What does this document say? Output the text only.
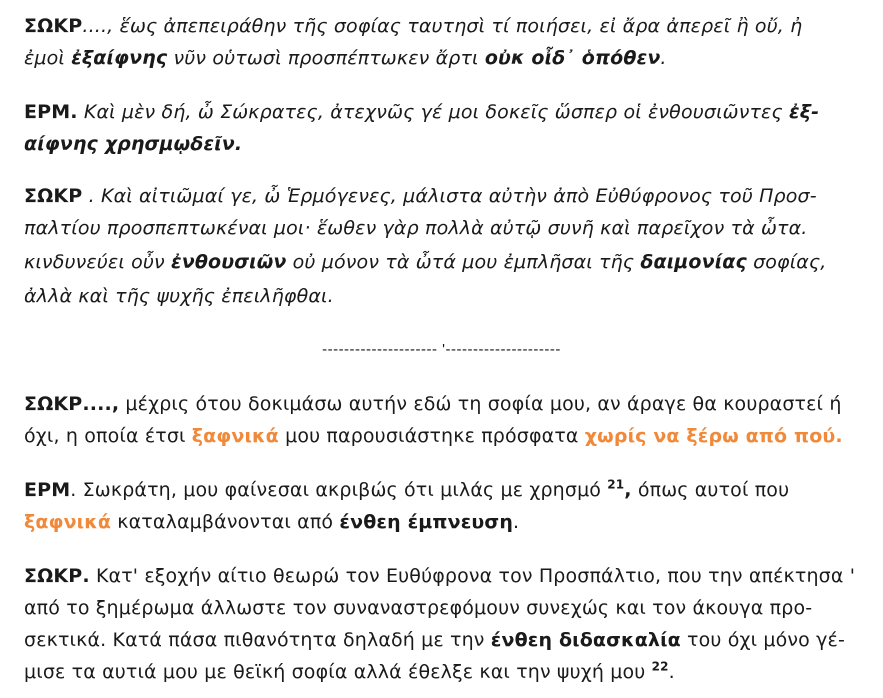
ΣΩΚΡ...., ἕως ἀπεπειράθην τῆς σοφίας ταυτησὶ τί ποιήσει, εἰ ἄρα ἀπερεῖ ἢ οὔ, ἠ
ἐμοὶ ἐξαίφνης νῦν οὑτωσὶ προσπέπτωκεν ἄρτι οὐκ οἶδ᾽ ὁπόθεν.
ΕΡΜ. Καὶ μὲν δή, ὦ Σώκρατες, ἀτεχνῶς γέ μοι δοκεῖς ὥσπερ οἱ ἐνθουσιῶντες ἐξ-
αίφνης χρησμῳδεῖν.
ΣΩΚΡ . Καὶ αἰτιῶμαί γε, ὦ Ἑρμόγενες, μάλιστα αὐτὴν ἀπὸ Εὐθύφρονος τοῦ Προσ-
παλτίου προσπεπτωκέναι μοι· ἕωθεν γὰρ πολλὰ αὐτῷ συνῆ καὶ παρεῖχον τὰ ὦτα.
κινδυνεύει οὖν ἐνθουσιῶν οὐ μόνον τὰ ὦτά μου ἐμπλῆσαι τῆς δαιμονίας σοφίας,
ἀλλὰ καὶ τῆς ψυχῆς ἐπειλῆφθαι.
--------------------- '---------------------
ΣΩΚΡ...., μέχρις ότου δοκιμάσω αυτήν εδώ τη σοφία μου, αν άραγε θα κουραστεί ή
όχι, η οποία έτσι ξαφνικά μου παρουσιάστηκε πρόσφατα χωρίς να ξέρω από πού.
ΕΡΜ. Σωκράτη, μου φαίνεσαι ακριβώς ότι μιλάς με χρησμό $^{21}$, όπως αυτοί που
ξαφνικά καταλαμβάνονται από ένθεη έμπνευση.
ΣΩΚΡ. Κατ' εξοχήν αίτιο θεωρώ τον Ευθύφρονα τον Προσπάλτιο, που την απέκτησα '
από το ξημέρωμα άλλωστε τον συναναστρεφόμουν συνεχώς και τον άκουγα προ-
σεκτικά. Κατά πάσα πιθανότητα δηλαδή με την ένθεη διδασκαλία του όχι μόνο γέ-
μισε τα αυτιά μου με θεϊκή σοφία αλλά έθελξε και την ψυχή μου $^{22}$.
